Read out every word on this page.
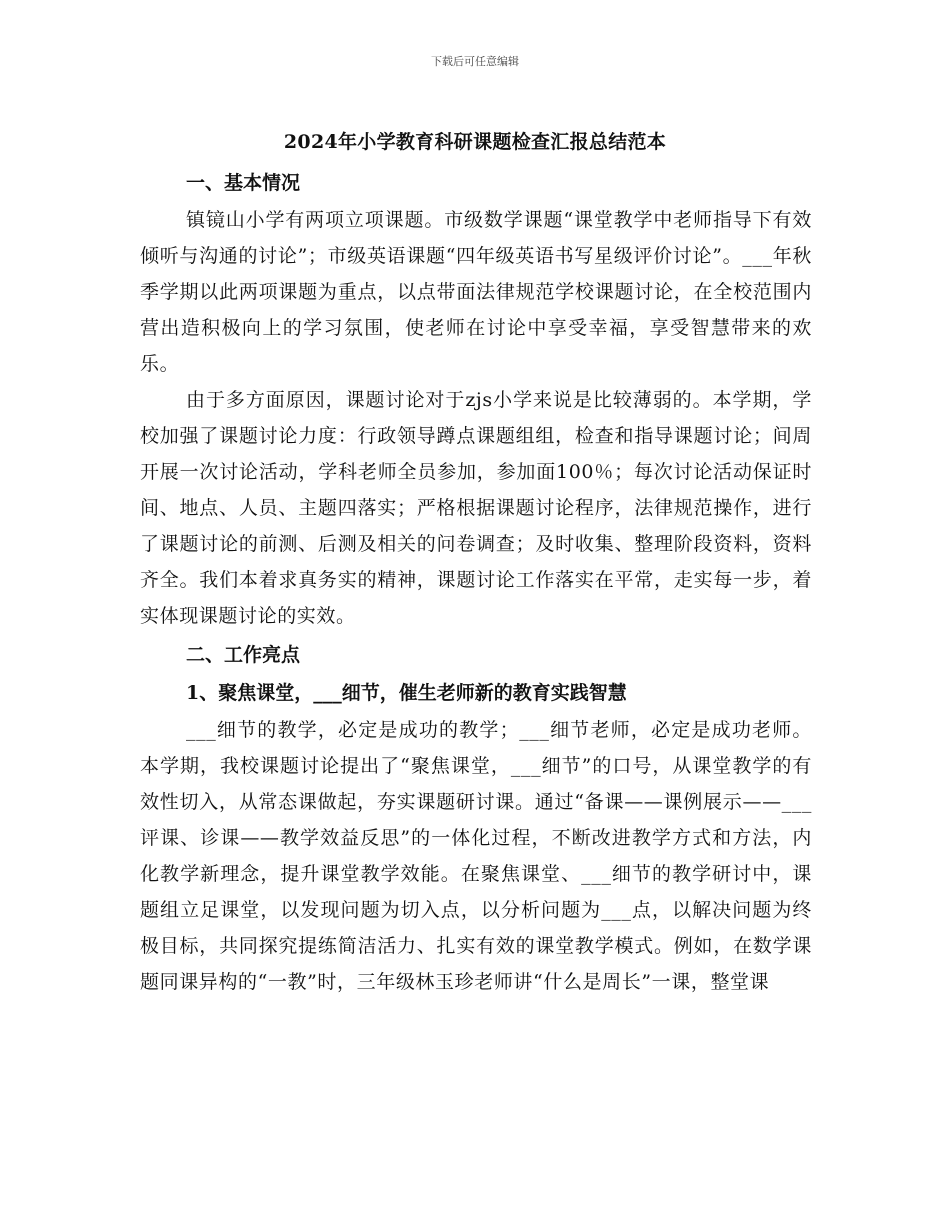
下载后可任意编辑
2024年小学教育科研课题检查汇报总结范本
一、基本情况

镇镜山小学有两项立项课题。市级数学课题“课堂教学中老师指导下有效倾听与沟通的讨论”；市级英语课题“四年级英语书写星级评价讨论”。___年秋季学期以此两项课题为重点，以点带面法律规范学校课题讨论，在全校范围内营出造积极向上的学习氛围，使老师在讨论中享受幸福，享受智慧带来的欢乐。

由于多方面原因，课题讨论对于zjs小学来说是比较薄弱的。本学期，学校加强了课题讨论力度：行政领导蹲点课题组组，检查和指导课题讨论；间周开展一次讨论活动，学科老师全员参加，参加面100％；每次讨论活动保证时间、地点、人员、主题四落实；严格根据课题讨论程序，法律规范操作，进行了课题讨论的前测、后测及相关的问卷调查；及时收集、整理阶段资料，资料齐全。我们本着求真务实的精神，课题讨论工作落实在平常，走实每一步，着实体现课题讨论的实效。

二、工作亮点
1、聚焦课堂，___细节，催生老师新的教育实践智慧

___细节的教学，必定是成功的教学；___细节老师，必定是成功老师。本学期，我校课题讨论提出了“聚焦课堂，___细节”的口号，从课堂教学的有效性切入，从常态课做起，夯实课题研讨课。通过“备课——课例展示——___评课、诊课——教学效益反思”的一体化过程，不断改进教学方式和方法，内化教学新理念，提升课堂教学效能。在聚焦课堂、___细节的教学研讨中，课题组立足课堂，以发现问题为切入点，以分析问题为___点，以解决问题为终极目标，共同探究提练简洁活力、扎实有效的课堂教学模式。例如，在数学课题同课异构的“一教”时，三年级林玉珍老师讲“什么是周长”一课，整堂课
